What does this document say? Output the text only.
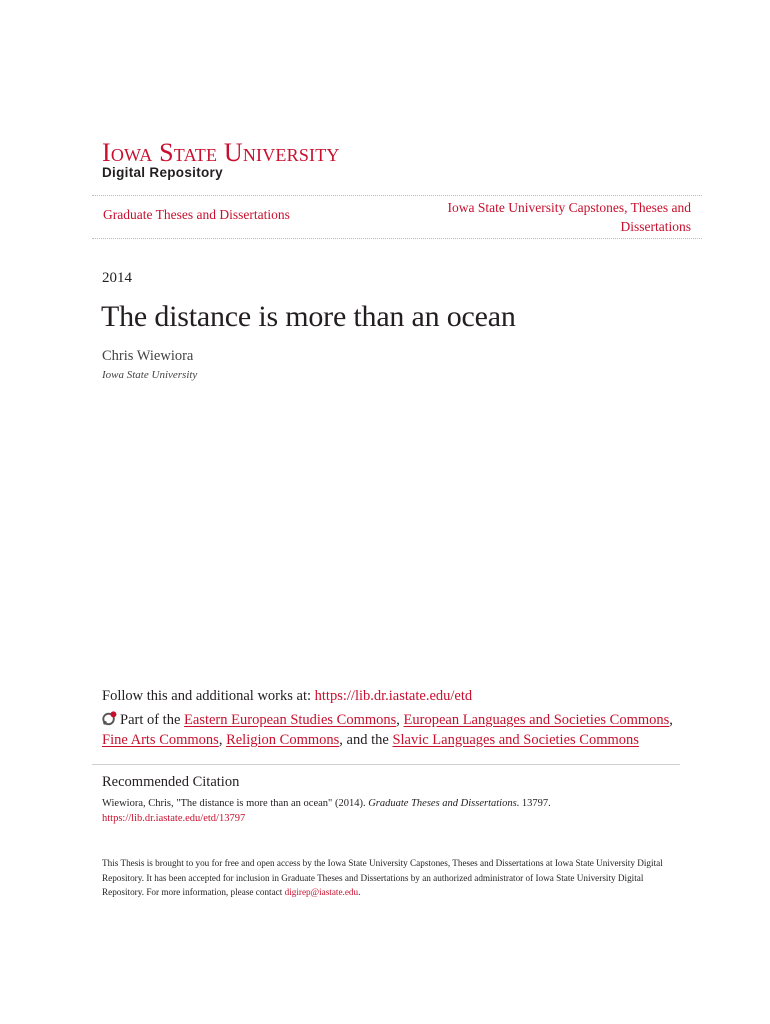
Iowa State University
Digital Repository
Graduate Theses and Dissertations	Iowa State University Capstones, Theses and Dissertations
2014
The distance is more than an ocean
Chris Wiewiora
Iowa State University
Follow this and additional works at: https://lib.dr.iastate.edu/etd
Part of the Eastern European Studies Commons, European Languages and Societies Commons,
Fine Arts Commons, Religion Commons, and the Slavic Languages and Societies Commons
Recommended Citation
Wiewiora, Chris, "The distance is more than an ocean" (2014). Graduate Theses and Dissertations. 13797.
https://lib.dr.iastate.edu/etd/13797
This Thesis is brought to you for free and open access by the Iowa State University Capstones, Theses and Dissertations at Iowa State University Digital Repository. It has been accepted for inclusion in Graduate Theses and Dissertations by an authorized administrator of Iowa State University Digital Repository. For more information, please contact digirep@iastate.edu.
